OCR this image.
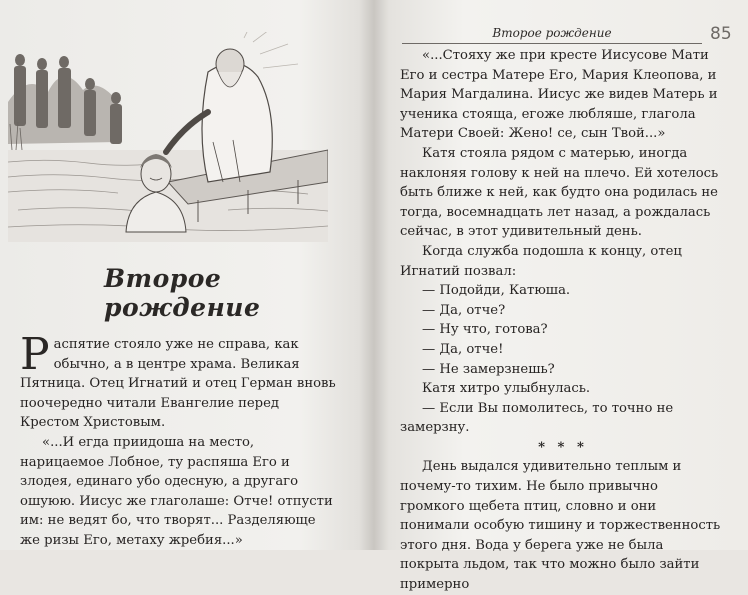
Второе рождение

Распятие стояло уже не справа, как обычно, а в центре храма. Великая Пятница. Отец Игнатий и отец Герман вновь поочередно читали Евангелие перед Крестом Христовым.

«...И егда приидоша на место, нарицаемое Лобное, ту распяша Его и злодея, единаго убо одесную, а другаго ошуюю. Иисус же глаголаше: Отче! отпусти им: не ведят бо, что творят... Разделяюще же ризы Его, метаху жребия...»

Второе рождение	85

«...Стояху же при кресте Иисусове Мати Его и сестра Матере Его, Мария Клеопова, и Мария Магдалина. Иисус же видев Матерь и ученика стояща, егоже любляше, глагола Матери Своей: Жено! се, сын Твой...»

Катя стояла рядом с матерью, иногда наклоняя голову к ней на плечо. Ей хотелось быть ближе к ней, как будто она родилась не тогда, восемнадцать лет назад, а рождалась сейчас, в этот удивительный день.

Когда служба подошла к концу, отец Игнатий позвал:

— Подойди, Катюша.

— Да, отче?

— Ну что, готова?

— Да, отче!

— Не замерзнешь?

Катя хитро улыбнулась.

— Если Вы помолитесь, то точно не замерзну.

* * *

День выдался удивительно теплым и почему-то тихим. Не было привычно громкого щебета птиц, словно и они понимали особую тишину и торжественность этого дня. Вода у берега уже не была покрыта льдом, так что можно было зайти примерно
